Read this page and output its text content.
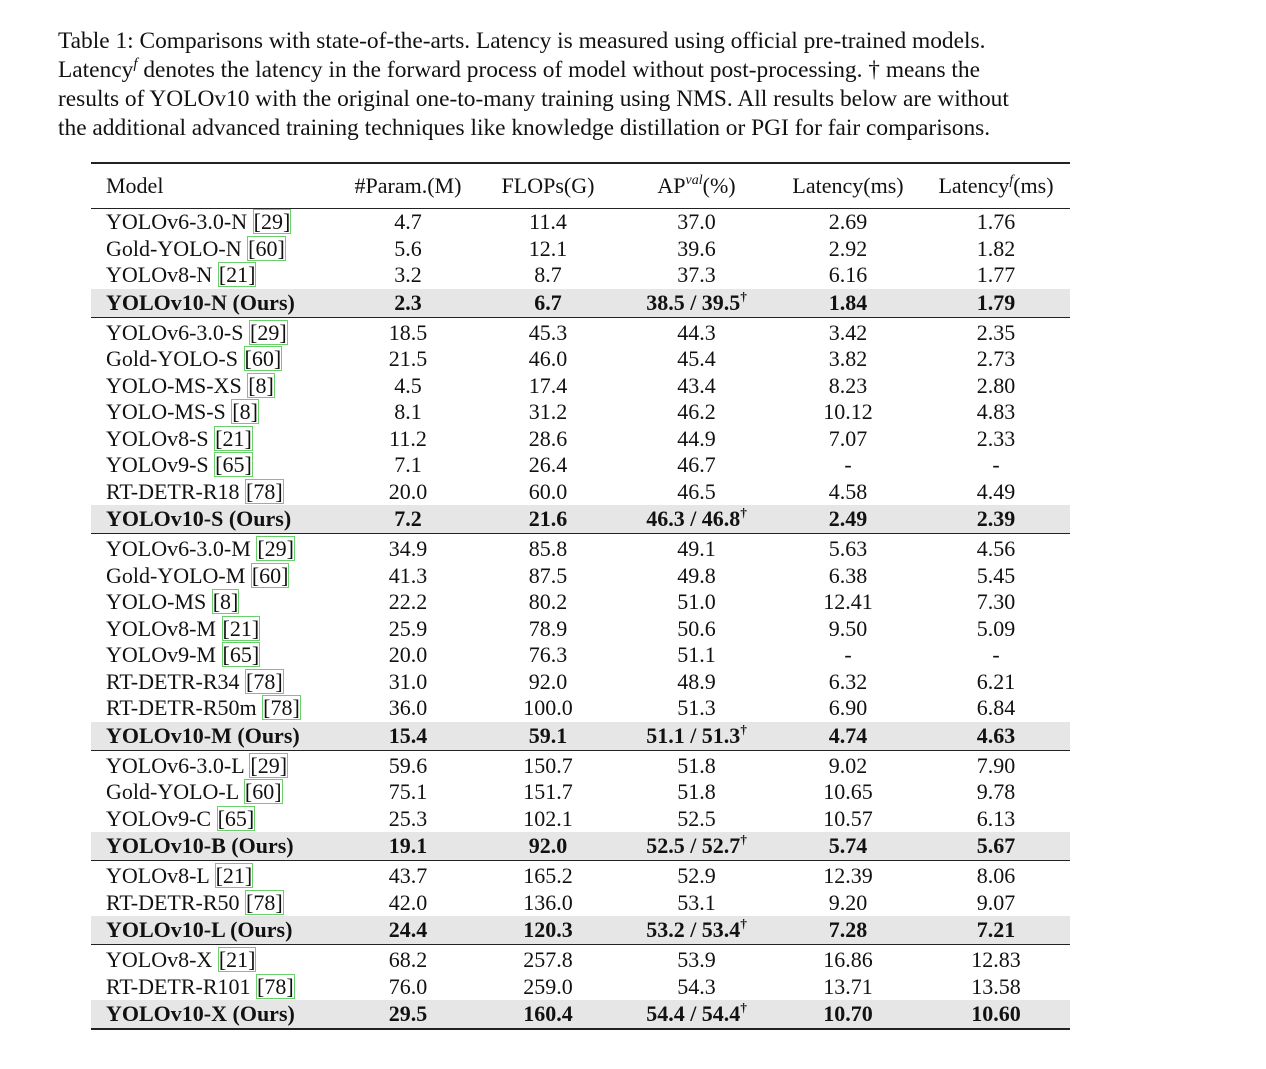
Table 1: Comparisons with state-of-the-arts. Latency is measured using official pre-trained models.
Latency$^f$ denotes the latency in the forward process of model without post-processing. † means the
results of YOLOv10 with the original one-to-many training using NMS. All results below are without
the additional advanced training techniques like knowledge distillation or PGI for fair comparisons.
Model	#Param.(M)	FLOPs(G)	$AP^{val}(\%)$	Latency(ms)	Latency$^f$(ms)
YOLOv6-3.0-N [29]	4.7	11.4	37.0	2.69	1.76
Gold-YOLO-N [60]	5.6	12.1	39.6	2.92	1.82
YOLOv8-N [21]	3.2	8.7	37.3	6.16	1.77
YOLOv10-N (Ours)	2.3	6.7	38.5 / 39.5†	1.84	1.79
YOLOv6-3.0-S [29]	18.5	45.3	44.3	3.42	2.35
Gold-YOLO-S [60]	21.5	46.0	45.4	3.82	2.73
YOLO-MS-XS [8]	4.5	17.4	43.4	8.23	2.80
YOLO-MS-S [8]	8.1	31.2	46.2	10.12	4.83
YOLOv8-S [21]	11.2	28.6	44.9	7.07	2.33
YOLOv9-S [65]	7.1	26.4	46.7	-	-
RT-DETR-R18 [78]	20.0	60.0	46.5	4.58	4.49
YOLOv10-S (Ours)	7.2	21.6	46.3 / 46.8†	2.49	2.39
YOLOv6-3.0-M [29]	34.9	85.8	49.1	5.63	4.56
Gold-YOLO-M [60]	41.3	87.5	49.8	6.38	5.45
YOLO-MS [8]	22.2	80.2	51.0	12.41	7.30
YOLOv8-M [21]	25.9	78.9	50.6	9.50	5.09
YOLOv9-M [65]	20.0	76.3	51.1	-	-
RT-DETR-R34 [78]	31.0	92.0	48.9	6.32	6.21
RT-DETR-R50m [78]	36.0	100.0	51.3	6.90	6.84
YOLOv10-M (Ours)	15.4	59.1	51.1 / 51.3†	4.74	4.63
YOLOv6-3.0-L [29]	59.6	150.7	51.8	9.02	7.90
Gold-YOLO-L [60]	75.1	151.7	51.8	10.65	9.78
YOLOv9-C [65]	25.3	102.1	52.5	10.57	6.13
YOLOv10-B (Ours)	19.1	92.0	52.5 / 52.7†	5.74	5.67
YOLOv8-L [21]	43.7	165.2	52.9	12.39	8.06
RT-DETR-R50 [78]	42.0	136.0	53.1	9.20	9.07
YOLOv10-L (Ours)	24.4	120.3	53.2 / 53.4†	7.28	7.21
YOLOv8-X [21]	68.2	257.8	53.9	16.86	12.83
RT-DETR-R101 [78]	76.0	259.0	54.3	13.71	13.58
YOLOv10-X (Ours)	29.5	160.4	54.4 / 54.4†	10.70	10.60
